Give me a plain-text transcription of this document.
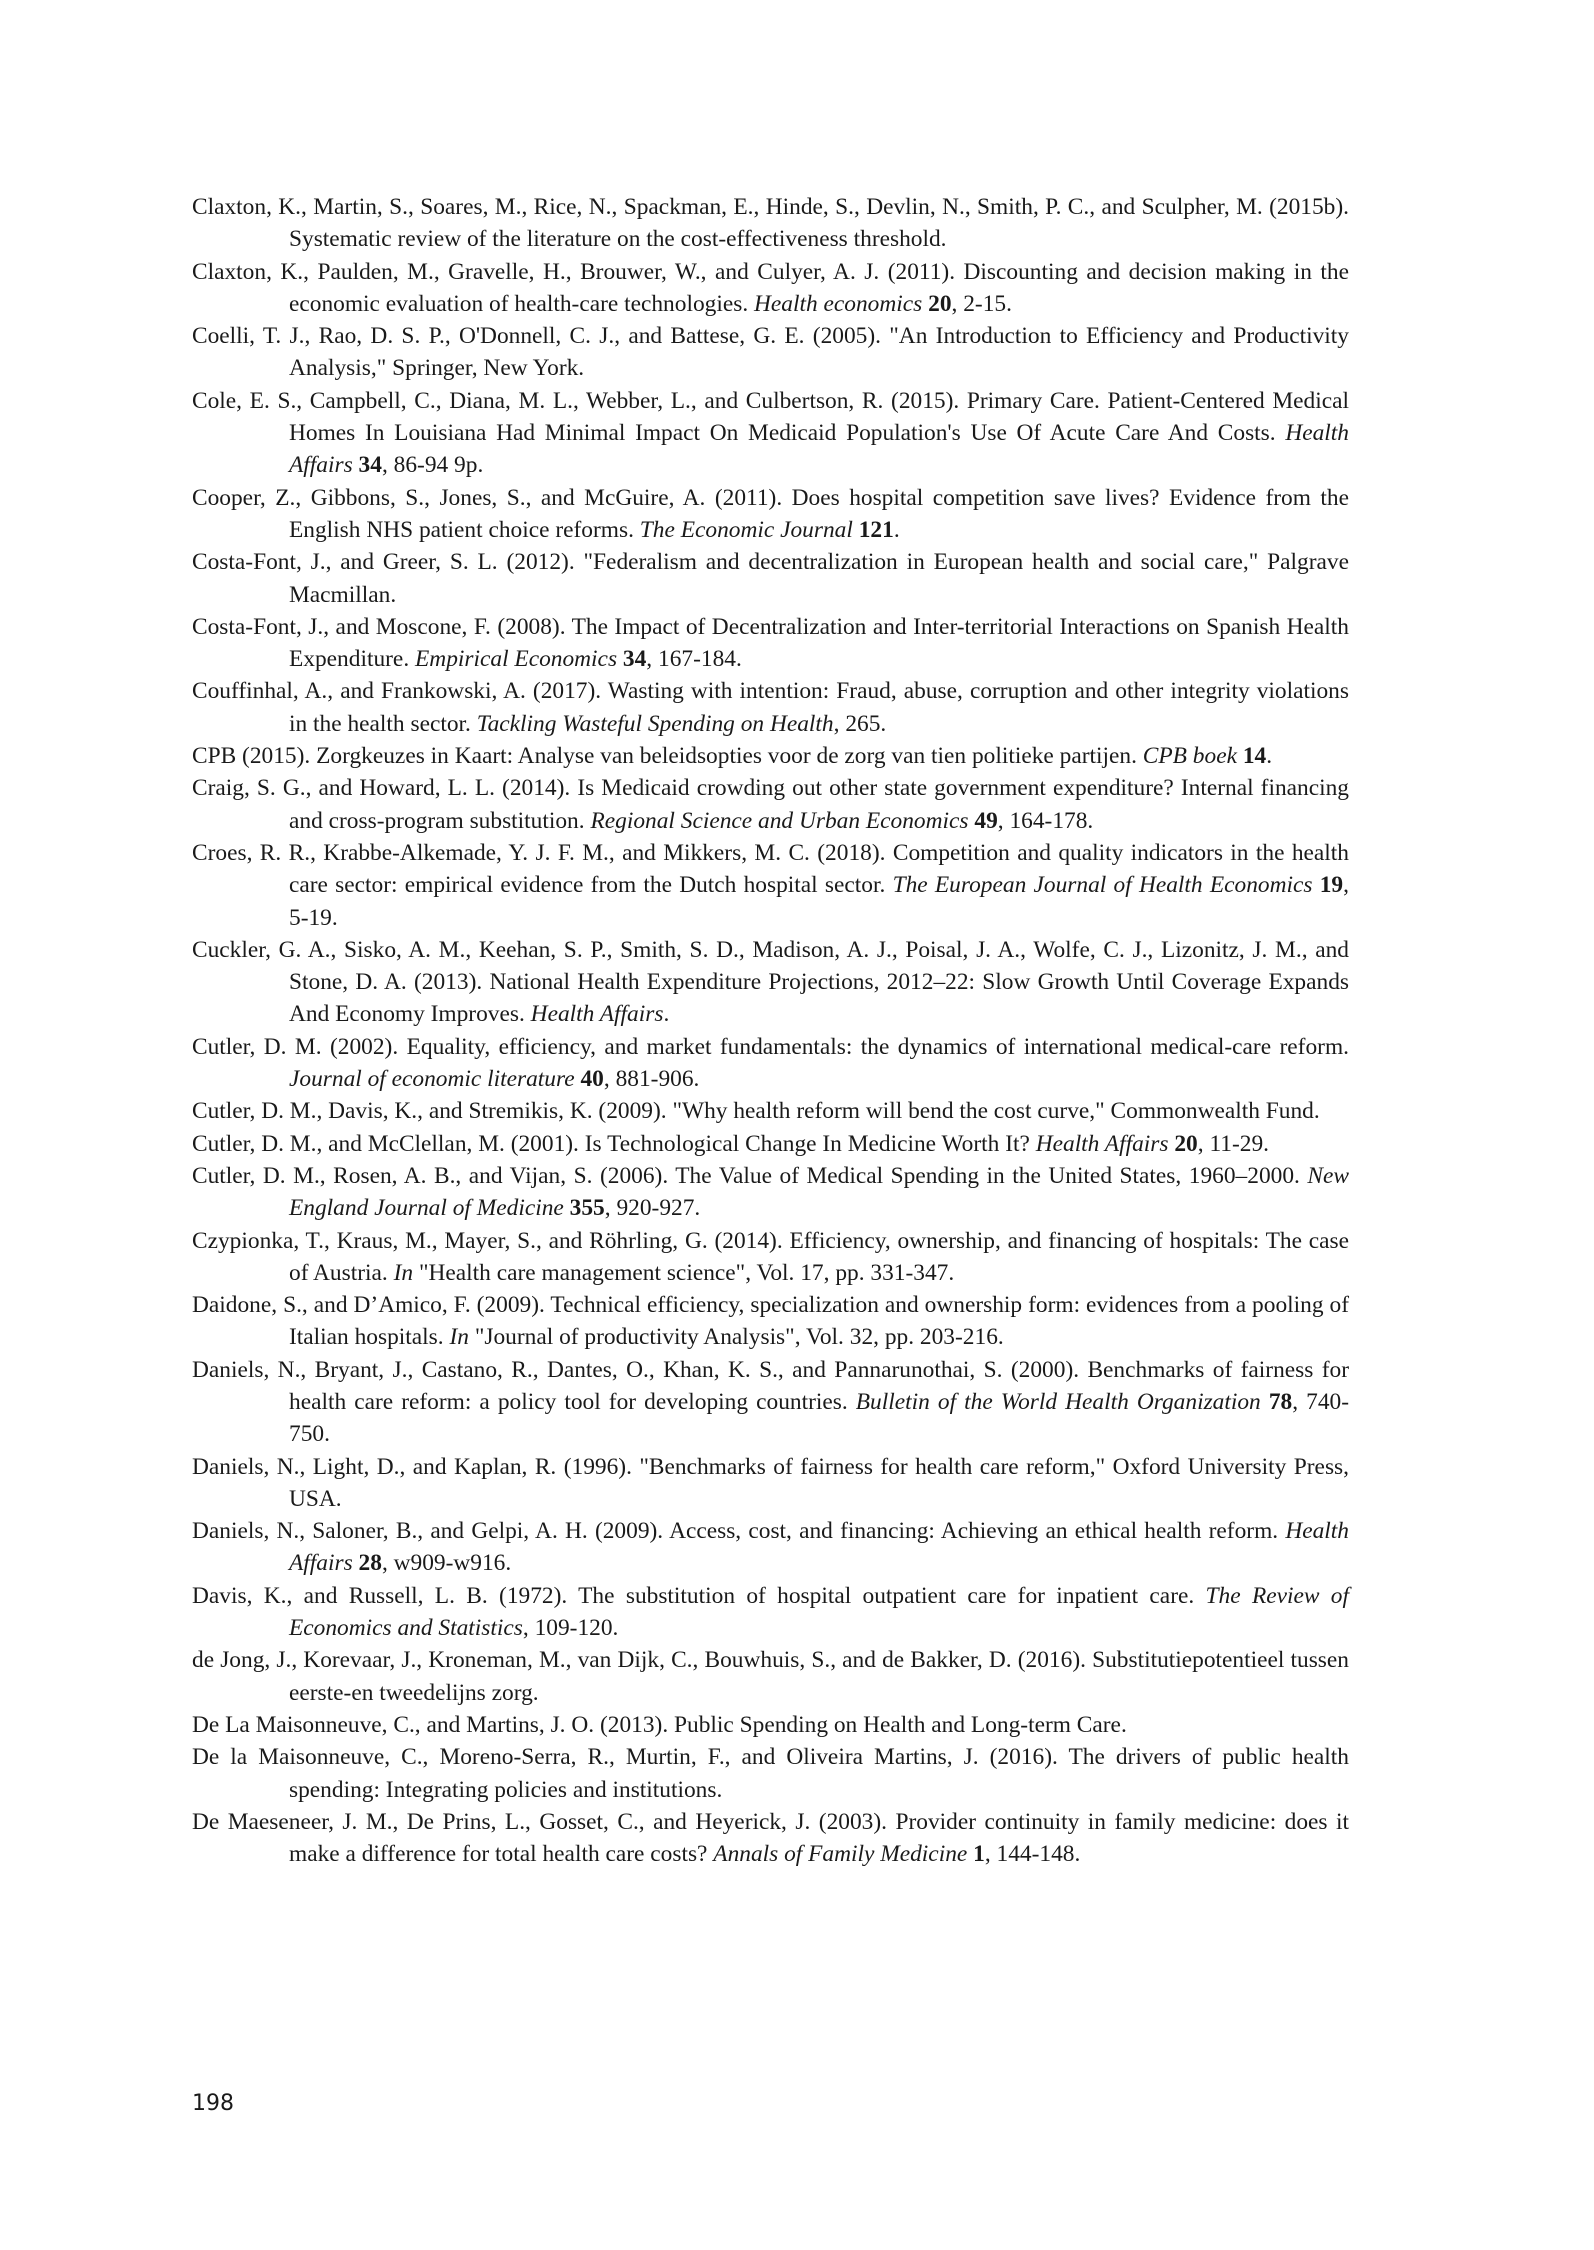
Claxton, K., Martin, S., Soares, M., Rice, N., Spackman, E., Hinde, S., Devlin, N., Smith, P. C., and Sculpher, M. (2015b). Systematic review of the literature on the cost-effectiveness threshold.
Claxton, K., Paulden, M., Gravelle, H., Brouwer, W., and Culyer, A. J. (2011). Discounting and decision making in the economic evaluation of health-care technologies. Health economics 20, 2-15.
Coelli, T. J., Rao, D. S. P., O'Donnell, C. J., and Battese, G. E. (2005). "An Introduction to Efficiency and Productivity Analysis," Springer, New York.
Cole, E. S., Campbell, C., Diana, M. L., Webber, L., and Culbertson, R. (2015). Primary Care. Patient-Centered Medical Homes In Louisiana Had Minimal Impact On Medicaid Population's Use Of Acute Care And Costs. Health Affairs 34, 86-94 9p.
Cooper, Z., Gibbons, S., Jones, S., and McGuire, A. (2011). Does hospital competition save lives? Evidence from the English NHS patient choice reforms. The Economic Journal 121.
Costa-Font, J., and Greer, S. L. (2012). "Federalism and decentralization in European health and social care," Palgrave Macmillan.
Costa-Font, J., and Moscone, F. (2008). The Impact of Decentralization and Inter-territorial Interactions on Spanish Health Expenditure. Empirical Economics 34, 167-184.
Couffinhal, A., and Frankowski, A. (2017). Wasting with intention: Fraud, abuse, corruption and other integrity violations in the health sector. Tackling Wasteful Spending on Health, 265.
CPB (2015). Zorgkeuzes in Kaart: Analyse van beleidsopties voor de zorg van tien politieke partijen. CPB boek 14.
Craig, S. G., and Howard, L. L. (2014). Is Medicaid crowding out other state government expenditure? Internal financing and cross-program substitution. Regional Science and Urban Economics 49, 164-178.
Croes, R. R., Krabbe-Alkemade, Y. J. F. M., and Mikkers, M. C. (2018). Competition and quality indicators in the health care sector: empirical evidence from the Dutch hospital sector. The European Journal of Health Economics 19, 5-19.
Cuckler, G. A., Sisko, A. M., Keehan, S. P., Smith, S. D., Madison, A. J., Poisal, J. A., Wolfe, C. J., Lizonitz, J. M., and Stone, D. A. (2013). National Health Expenditure Projections, 2012–22: Slow Growth Until Coverage Expands And Economy Improves. Health Affairs.
Cutler, D. M. (2002). Equality, efficiency, and market fundamentals: the dynamics of international medical-care reform. Journal of economic literature 40, 881-906.
Cutler, D. M., Davis, K., and Stremikis, K. (2009). "Why health reform will bend the cost curve," Commonwealth Fund.
Cutler, D. M., and McClellan, M. (2001). Is Technological Change In Medicine Worth It? Health Affairs 20, 11-29.
Cutler, D. M., Rosen, A. B., and Vijan, S. (2006). The Value of Medical Spending in the United States, 1960–2000. New England Journal of Medicine 355, 920-927.
Czypionka, T., Kraus, M., Mayer, S., and Röhrling, G. (2014). Efficiency, ownership, and financing of hospitals: The case of Austria. In "Health care management science", Vol. 17, pp. 331-347.
Daidone, S., and D’Amico, F. (2009). Technical efficiency, specialization and ownership form: evidences from a pooling of Italian hospitals. In "Journal of productivity Analysis", Vol. 32, pp. 203-216.
Daniels, N., Bryant, J., Castano, R., Dantes, O., Khan, K. S., and Pannarunothai, S. (2000). Benchmarks of fairness for health care reform: a policy tool for developing countries. Bulletin of the World Health Organization 78, 740-750.
Daniels, N., Light, D., and Kaplan, R. (1996). "Benchmarks of fairness for health care reform," Oxford University Press, USA.
Daniels, N., Saloner, B., and Gelpi, A. H. (2009). Access, cost, and financing: Achieving an ethical health reform. Health Affairs 28, w909-w916.
Davis, K., and Russell, L. B. (1972). The substitution of hospital outpatient care for inpatient care. The Review of Economics and Statistics, 109-120.
de Jong, J., Korevaar, J., Kroneman, M., van Dijk, C., Bouwhuis, S., and de Bakker, D. (2016). Substitutiepotentieel tussen eerste-en tweedelijns zorg.
De La Maisonneuve, C., and Martins, J. O. (2013). Public Spending on Health and Long-term Care.
De la Maisonneuve, C., Moreno-Serra, R., Murtin, F., and Oliveira Martins, J. (2016). The drivers of public health spending: Integrating policies and institutions.
De Maeseneer, J. M., De Prins, L., Gosset, C., and Heyerick, J. (2003). Provider continuity in family medicine: does it make a difference for total health care costs? Annals of Family Medicine 1, 144-148.
198
